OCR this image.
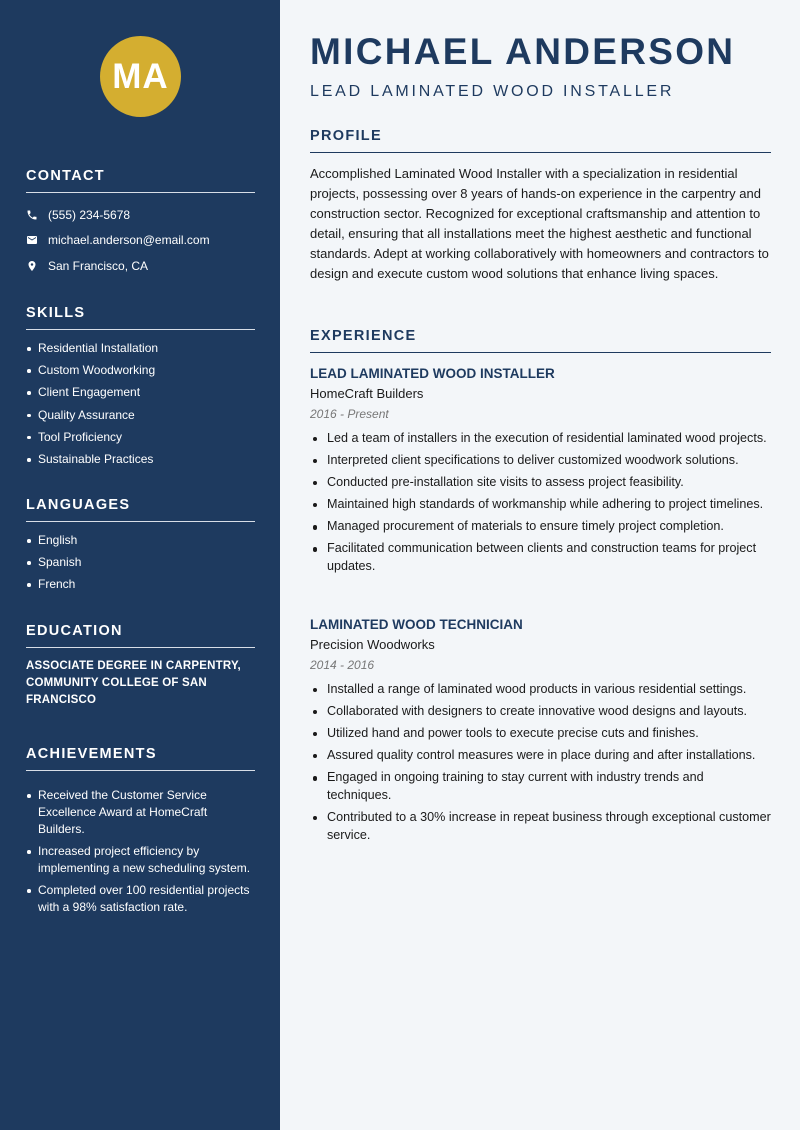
MA
CONTACT
(555) 234-5678
michael.anderson@email.com
San Francisco, CA
SKILLS
Residential Installation
Custom Woodworking
Client Engagement
Quality Assurance
Tool Proficiency
Sustainable Practices
LANGUAGES
English
Spanish
French
EDUCATION
ASSOCIATE DEGREE IN CARPENTRY, COMMUNITY COLLEGE OF SAN FRANCISCO
ACHIEVEMENTS
Received the Customer Service Excellence Award at HomeCraft Builders.
Increased project efficiency by implementing a new scheduling system.
Completed over 100 residential projects with a 98% satisfaction rate.
MICHAEL ANDERSON
LEAD LAMINATED WOOD INSTALLER
PROFILE
Accomplished Laminated Wood Installer with a specialization in residential projects, possessing over 8 years of hands-on experience in the carpentry and construction sector. Recognized for exceptional craftsmanship and attention to detail, ensuring that all installations meet the highest aesthetic and functional standards. Adept at working collaboratively with homeowners and contractors to design and execute custom wood solutions that enhance living spaces.
EXPERIENCE
LEAD LAMINATED WOOD INSTALLER
HomeCraft Builders
2016 - Present
Led a team of installers in the execution of residential laminated wood projects.
Interpreted client specifications to deliver customized woodwork solutions.
Conducted pre-installation site visits to assess project feasibility.
Maintained high standards of workmanship while adhering to project timelines.
Managed procurement of materials to ensure timely project completion.
Facilitated communication between clients and construction teams for project updates.
LAMINATED WOOD TECHNICIAN
Precision Woodworks
2014 - 2016
Installed a range of laminated wood products in various residential settings.
Collaborated with designers to create innovative wood designs and layouts.
Utilized hand and power tools to execute precise cuts and finishes.
Assured quality control measures were in place during and after installations.
Engaged in ongoing training to stay current with industry trends and techniques.
Contributed to a 30% increase in repeat business through exceptional customer service.
